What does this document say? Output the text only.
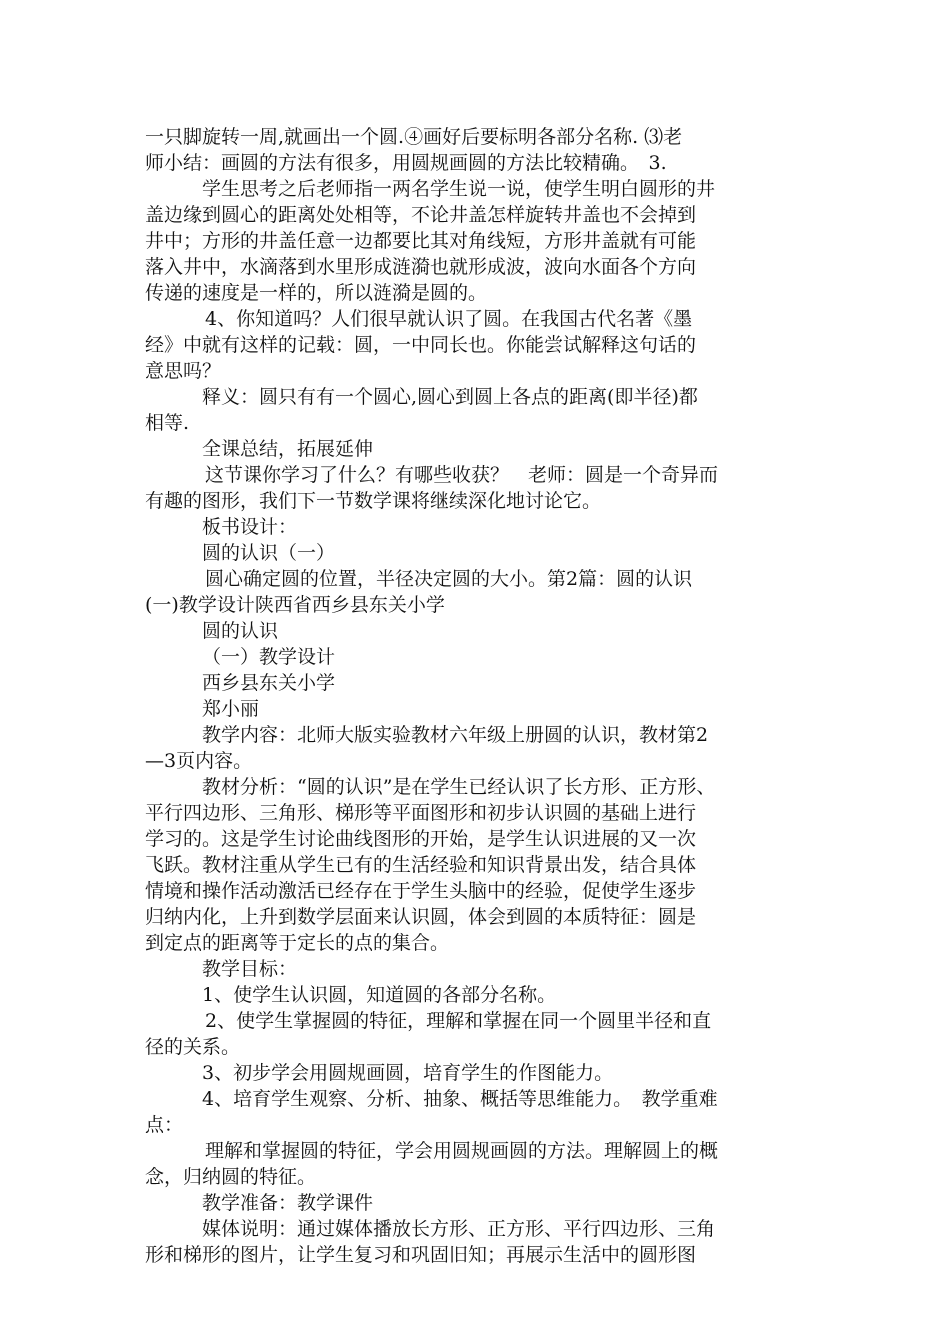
一只脚旋转一周,就画出一个圆.④画好后要标明各部分名称. ⑶老
师小结：画圆的方法有很多，用圆规画圆的方法比较精确。　3.
学生思考之后老师指一两名学生说一说，使学生明白圆形的井
盖边缘到圆心的距离处处相等，不论井盖怎样旋转井盖也不会掉到
井中；方形的井盖任意一边都要比其对角线短，方形井盖就有可能
落入井中，水滴落到水里形成涟漪也就形成波，波向水面各个方向
传递的速度是一样的，所以涟漪是圆的。
4、你知道吗？人们很早就认识了圆。在我国古代名著《墨
经》中就有这样的记载：圆，一中同长也。你能尝试解释这句话的
意思吗？
释义：圆只有有一个圆心,圆心到圆上各点的距离(即半径)都
相等.
全课总结，拓展延伸
这节课你学习了什么？有哪些收获？　老师：圆是一个奇异而
有趣的图形，我们下一节数学课将继续深化地讨论它。
板书设计：
圆的认识（一）
圆心确定圆的位置，半径决定圆的大小。第2篇：圆的认识
(一)教学设计陕西省西乡县东关小学
圆的认识
（一）教学设计
西乡县东关小学
郑小丽
教学内容：北师大版实验教材六年级上册圆的认识，教材第2
—3页内容。
教材分析：“圆的认识”是在学生已经认识了长方形、正方形、
平行四边形、三角形、梯形等平面图形和初步认识圆的基础上进行
学习的。这是学生讨论曲线图形的开始，是学生认识进展的又一次
飞跃。教材注重从学生已有的生活经验和知识背景出发，结合具体
情境和操作活动激活已经存在于学生头脑中的经验，促使学生逐步
归纳内化，上升到数学层面来认识圆，体会到圆的本质特征：圆是
到定点的距离等于定长的点的集合。
教学目标：
1、使学生认识圆，知道圆的各部分名称。
2、使学生掌握圆的特征，理解和掌握在同一个圆里半径和直
径的关系。
3、初步学会用圆规画圆，培育学生的作图能力。
4、培育学生观察、分析、抽象、概括等思维能力。　教学重难
点：
理解和掌握圆的特征，学会用圆规画圆的方法。理解圆上的概
念，归纳圆的特征。
教学准备：教学课件
媒体说明：通过媒体播放长方形、正方形、平行四边形、三角
形和梯形的图片，让学生复习和巩固旧知；再展示生活中的圆形图
